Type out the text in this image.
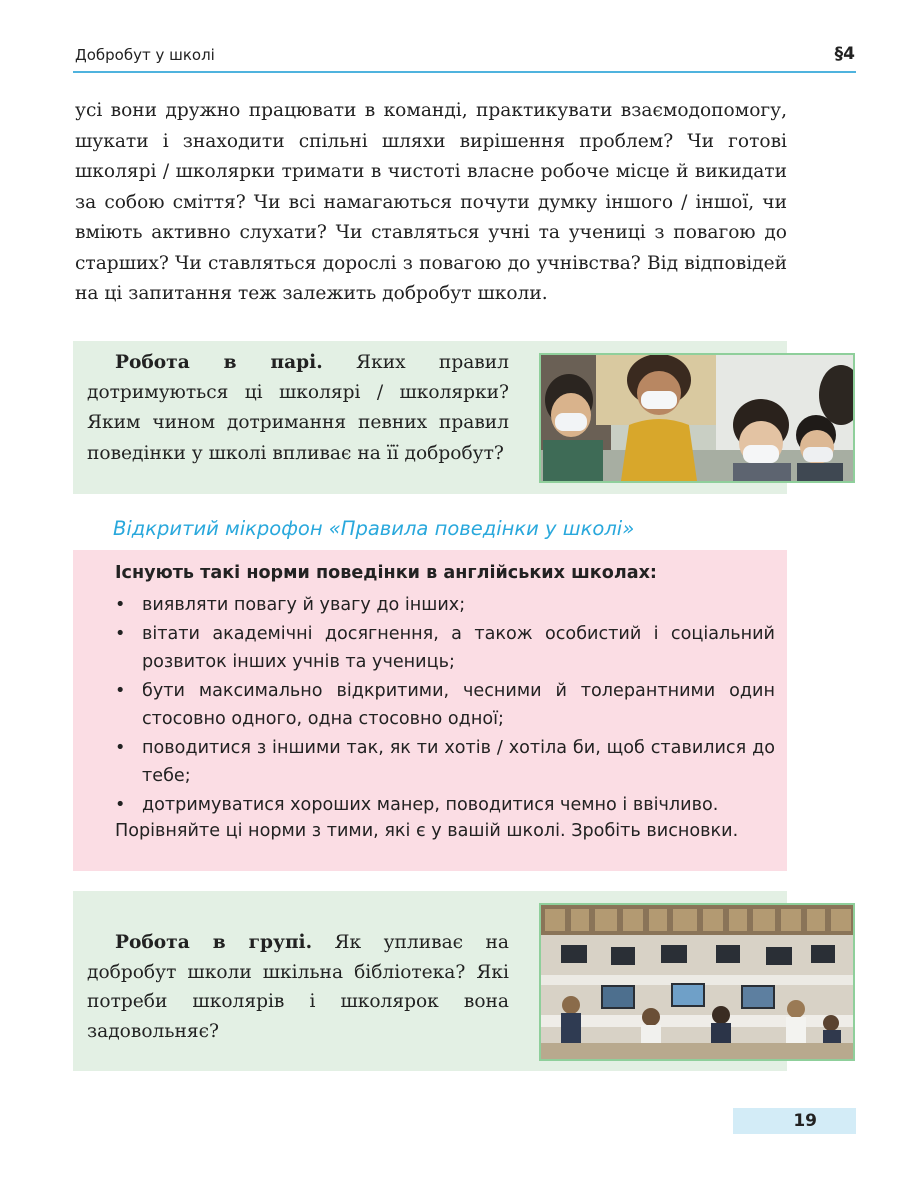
Добробут у школі	§4

усі вони дружно працювати в команді, практикувати взаємодопомогу, шукати і знаходити спільні шляхи вирішення проблем? Чи готові школярі / школярки тримати в чистоті власне робоче місце й викидати за собою сміття? Чи всі намагаються почути думку іншого / іншої, чи вміють активно слухати? Чи ставляться учні та учениці з повагою до старших? Чи ставляться дорослі з повагою до учнівства? Від відповідей на ці запитання теж залежить добробут школи.

Робота в парі. Яких правил дотримуються ці школярі / школярки? Яким чином дотримання певних правил поведінки у школі впливає на її добробут?

Відкритий мікрофон «Правила поведінки у школі»
Існують такі норми поведінки в англійських школах:
• виявляти повагу й увагу до інших;
• вітати академічні досягнення, а також особистий і соціальний розвиток інших учнів та учениць;
• бути максимально відкритими, чесними й толерантними один стосовно одного, одна стосовно одної;
• поводитися з іншими так, як ти хотів / хотіла би, щоб ставилися до тебе;
• дотримуватися хороших манер, поводитися чемно і ввічливо.

Порівняйте ці норми з тими, які є у вашій школі. Зробіть висновки.

Робота в групі. Як упливає на добробут школи шкільна бібліотека? Які потреби школярів і школярок вона задовольняє?

19
